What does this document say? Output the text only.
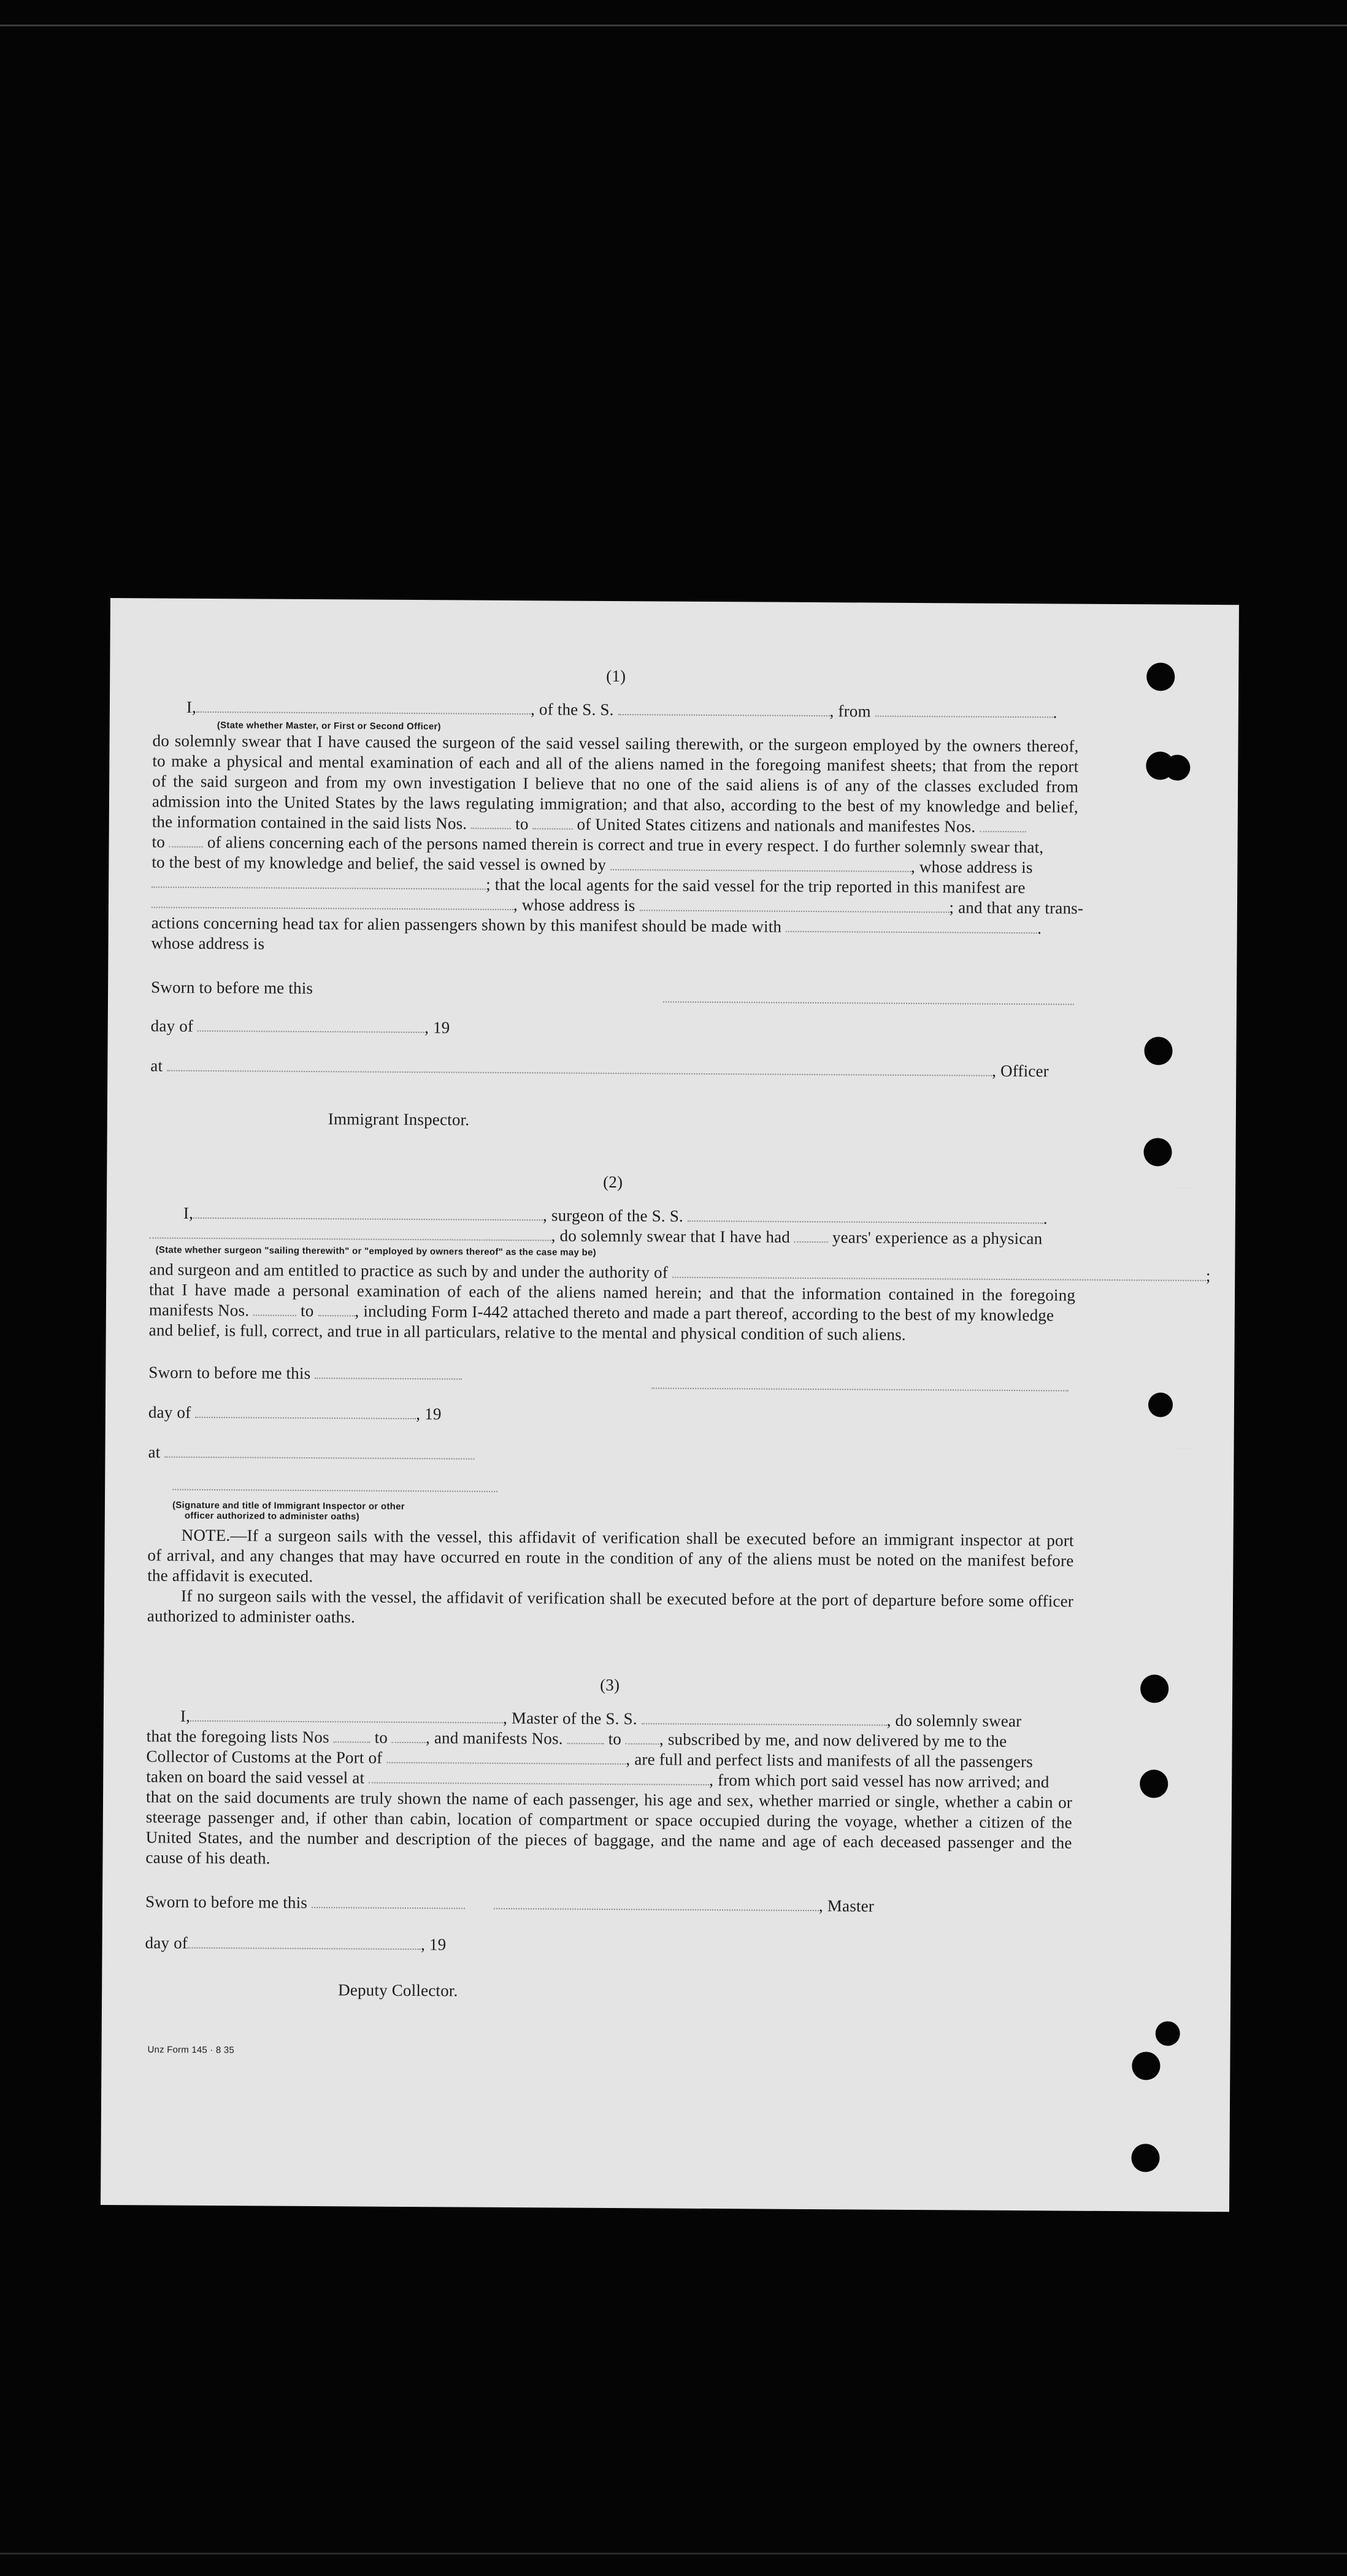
(1)
I,	, of the S. S.	, from	.
(State whether Master, or First or Second Officer)
do solemnly swear that I have caused the surgeon of the said vessel sailing therewith, or the surgeon employed by the owners thereof,
to make a physical and mental examination of each and all of the aliens named in the foregoing manifest sheets; that from the report
of the said surgeon and from my own investigation I believe that no one of the said aliens is of any of the classes excluded from
admission into the United States by the laws regulating immigration; and that also, according to the best of my knowledge and belief,
the information contained in the said lists Nos.	to	of United States citizens and nationals and manifestes Nos.
to	of aliens concerning each of the persons named therein is correct and true in every respect. I do further solemnly swear that,
to the best of my knowledge and belief, the said vessel is owned by	, whose address is
; that the local agents for the said vessel for the trip reported in this manifest are
, whose address is	; and that any trans-
actions concerning head tax for alien passengers shown by this manifest should be made with	.
whose address is
Sworn to before me this
day of	, 19
at	, Officer
Immigrant Inspector.
(2)
I,	, surgeon of the S. S.	.
, do solemnly swear that I have had	years' experience as a physican
(State whether surgeon "sailing therewith" or "employed by owners thereof" as the case may be)
and surgeon and am entitled to practice as such by and under the authority of	;
that I have made a personal examination of each of the aliens named herein; and that the information contained in the foregoing
manifests Nos.	to , including Form I-442 attached thereto and made a part thereof, according to the best of my knowledge
and belief, is full, correct, and true in all particulars, relative to the mental and physical condition of such aliens.
Sworn to before me this
day of	, 19
at
(Signature and title of Immigrant Inspector or other
officer authorized to administer oaths)
NOTE.—If a surgeon sails with the vessel, this affidavit of verification shall be executed before an immigrant inspector at port
of arrival, and any changes that may have occurred en route in the condition of any of the aliens must be noted on the manifest before
the affidavit is executed.
If no surgeon sails with the vessel, the affidavit of verification shall be executed before at the port of departure before some officer
authorized to administer oaths.
(3)
I,	, Master of the S. S.	, do solemnly swear
that the foregoing lists Nos	to , and manifests Nos.	to , subscribed by me, and now delivered by me to the
Collector of Customs at the Port of	, are full and perfect lists and manifests of all the passengers
taken on board the said vessel at	, from which port said vessel has now arrived; and
that on the said documents are truly shown the name of each passenger, his age and sex, whether married or single, whether a cabin or
steerage passenger and, if other than cabin, location of compartment or space occupied during the voyage, whether a citizen of the
United States, and the number and description of the pieces of baggage, and the name and age of each deceased passenger and the
cause of his death.
Sworn to before me this	, Master
day of	, 19
Deputy Collector.
Unz Form 145 · 8 35
